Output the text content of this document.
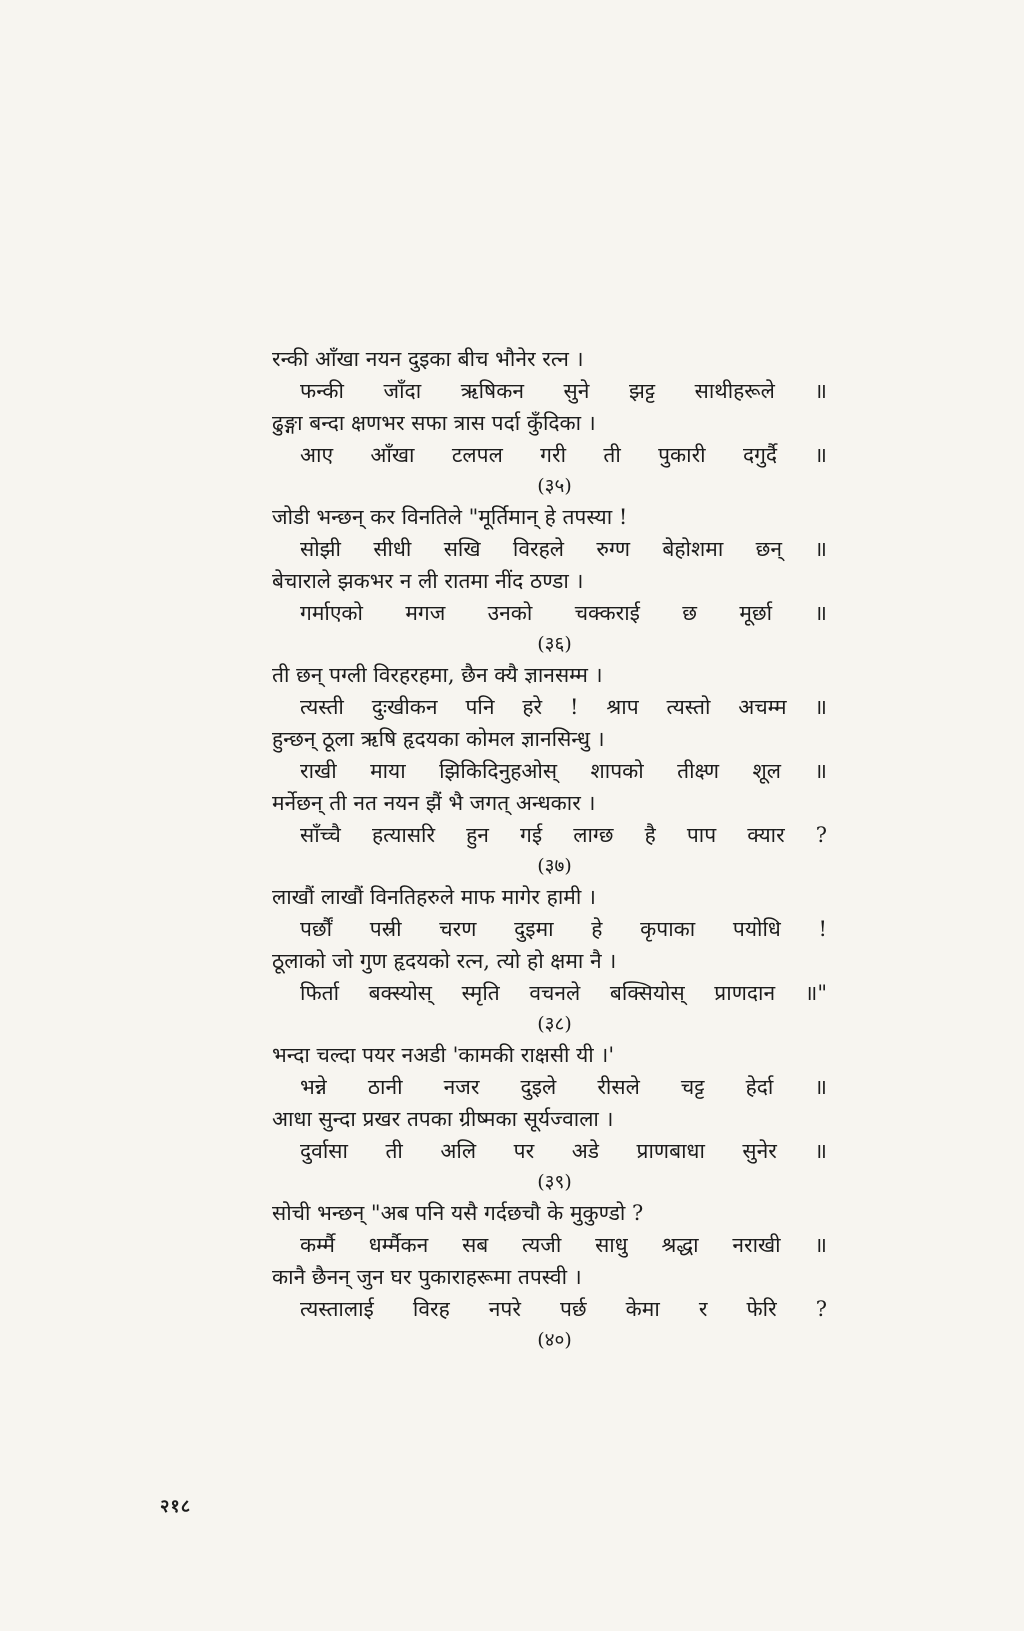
रन्की आँखा नयन दुइका बीच भौनेर रत्न ।
फन्की जाँदा ऋषिकन सुने झट्ट साथीहरूले ॥
ढुङ्गा बन्दा क्षणभर सफा त्रास पर्दा कुँदिका ।
आए आँखा टलपल गरी ती पुकारी दगुर्दै ॥
(३५)
जोडी भन्छन् कर विनतिले "मूर्तिमान् हे तपस्या !
सोझी सीधी सखि विरहले रुग्ण बेहोशमा छन् ॥
बेचाराले झकभर न ली रातमा नींद ठण्डा ।
गर्माएको मगज उनको चक्कराई छ मूर्छा ॥
(३६)
ती छन् पग्ली विरहरहमा, छैन क्यै ज्ञानसम्म ।
त्यस्ती दुःखीकन पनि हरे ! श्राप त्यस्तो अचम्म ॥
हुन्छन् ठूला ऋषि हृदयका कोमल ज्ञानसिन्धु ।
राखी माया झिकिदिनुहओस् शापको तीक्ष्ण शूल ॥
मर्नेछन् ती नत नयन झैं भै जगत् अन्धकार ।
साँच्चै हत्यासरि हुन गई लाग्छ है पाप क्यार ?
(३७)
लाखौं लाखौं विनतिहरुले माफ मागेर हामी ।
पर्छौं पस्री चरण दुइमा हे कृपाका पयोधि !
ठूलाको जो गुण हृदयको रत्न, त्यो हो क्षमा नै ।
फिर्ता बक्स्योस् स्मृति वचनले बक्सियोस् प्राणदान ॥"
(३८)
भन्दा चल्दा पयर नअडी 'कामकी राक्षसी यी ।'
भन्ने ठानी नजर दुइले रीसले चट्ट हेर्दा ॥
आधा सुन्दा प्रखर तपका ग्रीष्मका सूर्यज्वाला ।
दुर्वासा ती अलि पर अडे प्राणबाधा सुनेर ॥
(३९)
सोची भन्छन् "अब पनि यसै गर्दछचौ के मुकुण्डो ?
कर्म्मै धर्म्मैकन सब त्यजी साधु श्रद्धा नराखी ॥
कानै छैनन् जुन घर पुकाराहरूमा तपस्वी ।
त्यस्तालाई विरह नपरे पर्छ केमा र फेरि ?
(४०)
२१८
